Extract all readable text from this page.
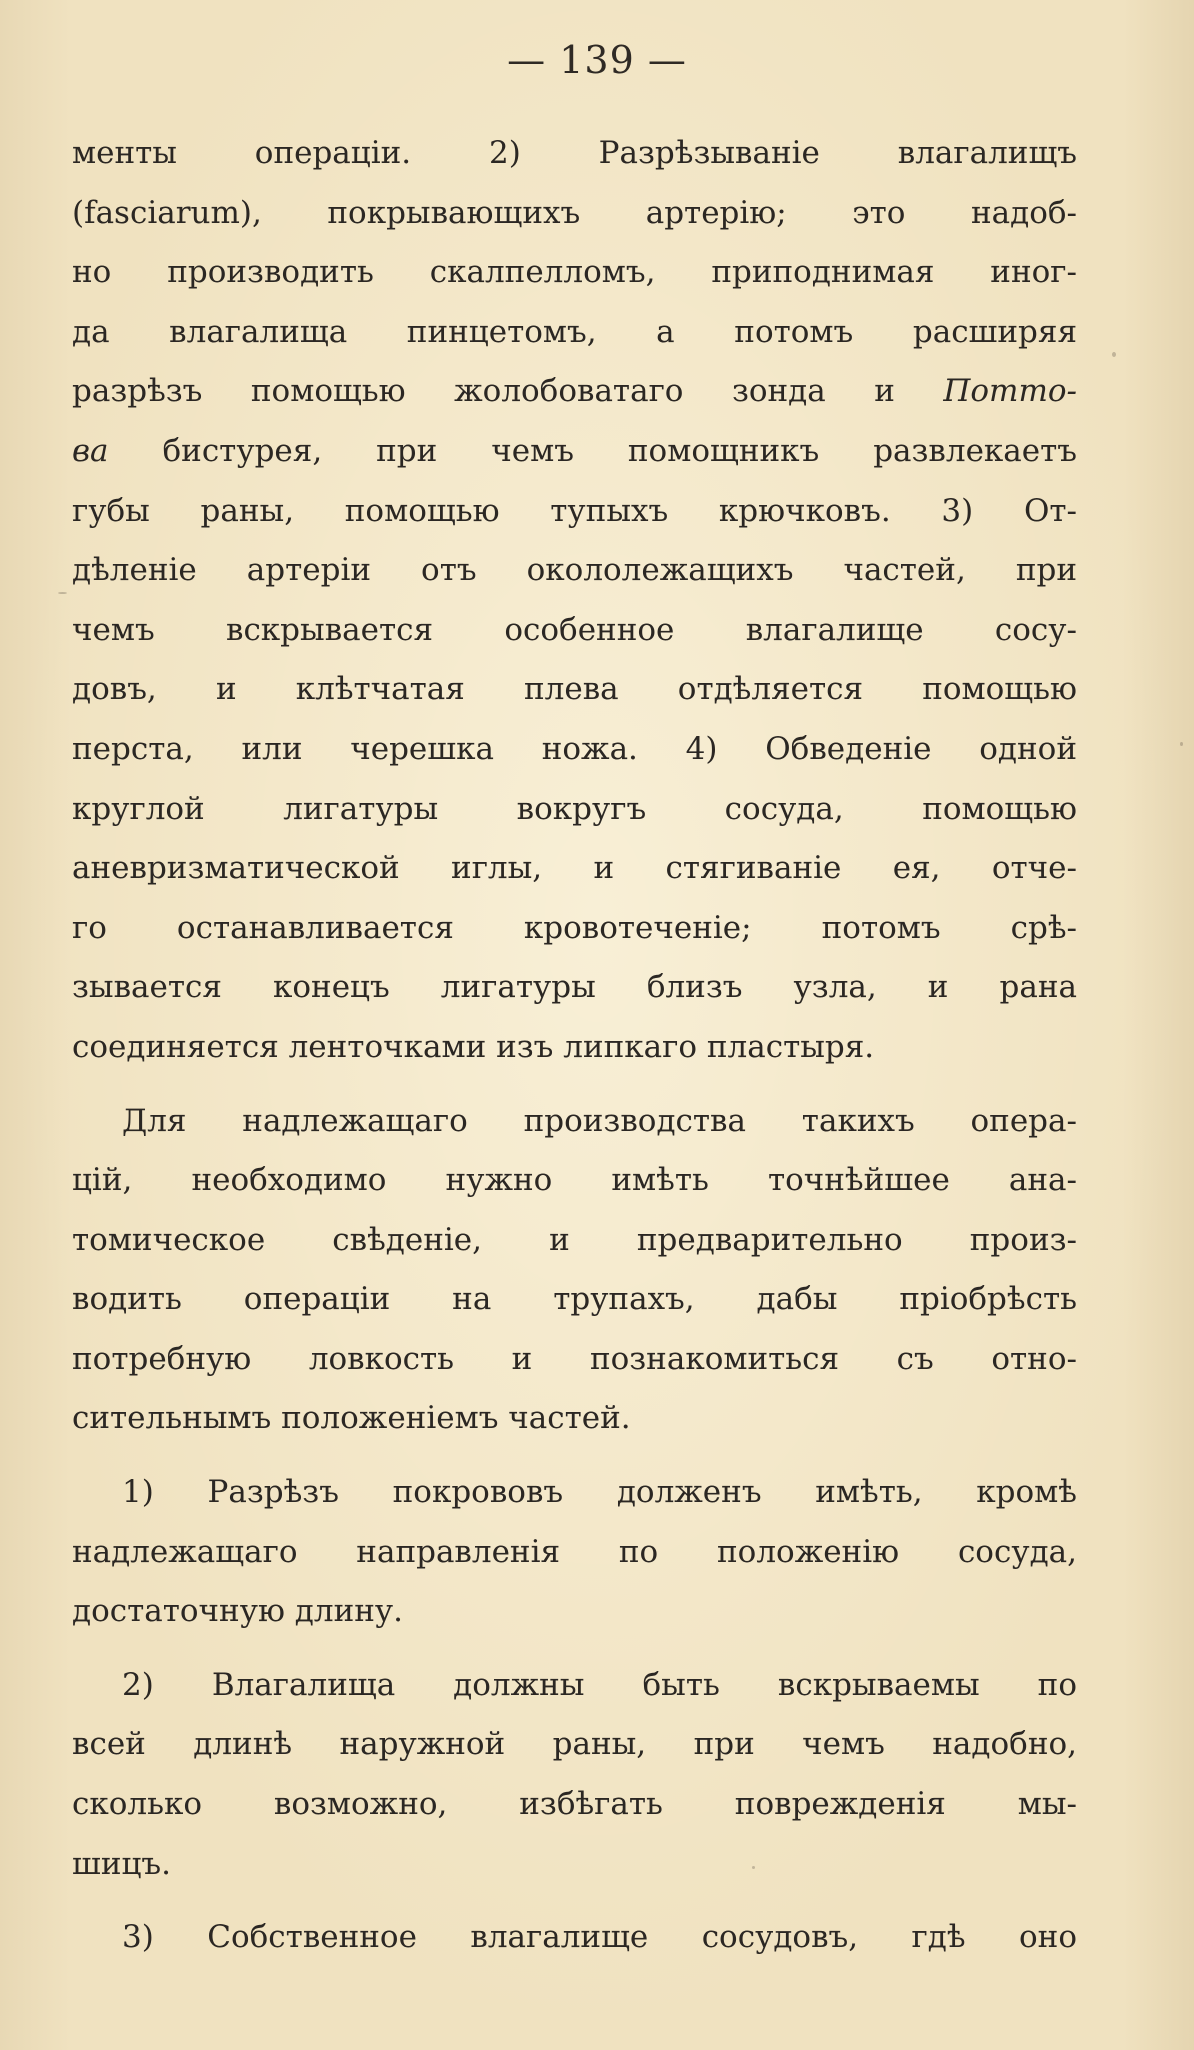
— 139 —
менты операціи. 2) Разрѣзываніе влагалищъ
(fasciarum), покрывающихъ артерію; это надоб-
но производить скалпелломъ, приподнимая иног-
да влагалища пинцетомъ, а потомъ расширяя
разрѣзъ помощью жолобоватаго зонда и Поттo-
ва бистурея, при чемъ помощникъ развлекаетъ
губы раны, помощью тупыхъ крючковъ. 3) От-
дѣленіе артеріи отъ окололежащихъ частей, при
чемъ вскрывается особенное влагалище сосу-
довъ, и клѣтчатая плева отдѣляется помощью
перста, или черешка ножа. 4) Обведеніе одной
круглой лигатуры вокругъ сосуда, помощью
аневризматической иглы, и стягиваніе ея, отче-
го останавливается кровотеченіе; потомъ срѣ-
зывается конецъ лигатуры близъ узла, и рана
соединяется ленточками изъ липкаго пластыря.
Для надлежащаго производства такихъ опера-
цій, необходимо нужно имѣть точнѣйшее ана-
томическое свѣденіе, и предварительно произ-
водить операціи на трупахъ, дабы пріобрѣсть
потребную ловкость и познакомиться съ отно-
сительнымъ положеніемъ частей.
1) Разрѣзъ покрововъ долженъ имѣть, кромѣ
надлежащаго направленія по положенію сосуда,
достаточную длину.
2) Влагалища должны быть вскрываемы по
всей длинѣ наружной раны, при чемъ надобно,
сколько возможно, избѣгать поврежденія мы-
шицъ.
3) Собственное влагалище сосудовъ, гдѣ оно
